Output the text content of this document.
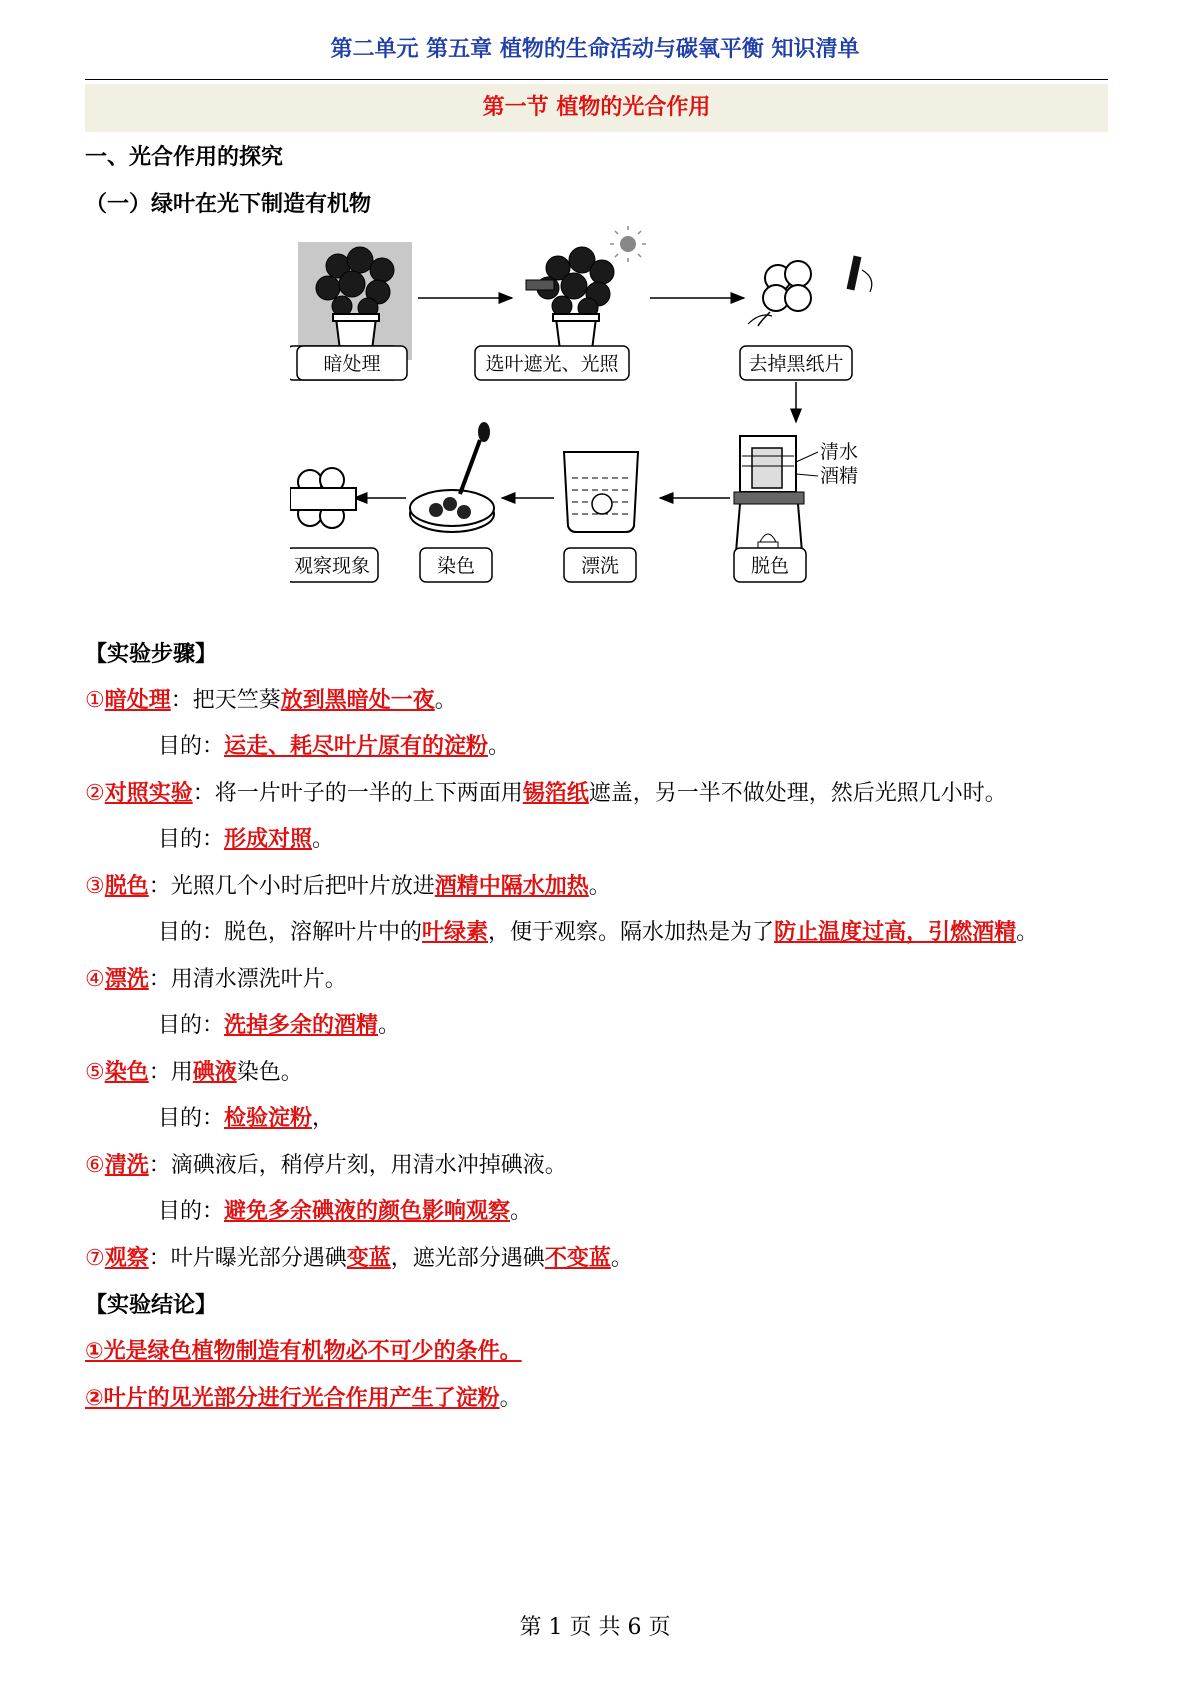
第二单元 第五章 植物的生命活动与碳氧平衡 知识清单
第一节 植物的光合作用
一、光合作用的探究
（一）绿叶在光下制造有机物
暗处理	选叶遮光、光照	去掉黑纸片
清水
酒精
观察现象	染色	漂洗	脱色
【实验步骤】
①暗处理：把天竺葵放到黑暗处一夜。
目的：运走、耗尽叶片原有的淀粉。
②对照实验：将一片叶子的一半的上下两面用锡箔纸遮盖，另一半不做处理，然后光照几小时。
目的：形成对照。
③脱色：光照几个小时后把叶片放进酒精中隔水加热。
目的：脱色，溶解叶片中的叶绿素，便于观察。隔水加热是为了防止温度过高，引燃酒精。
④漂洗：用清水漂洗叶片。
目的：洗掉多余的酒精。
⑤染色：用碘液染色。
目的：检验淀粉，
⑥清洗：滴碘液后，稍停片刻，用清水冲掉碘液。
目的：避免多余碘液的颜色影响观察。
⑦观察：叶片曝光部分遇碘变蓝，遮光部分遇碘不变蓝。
【实验结论】
①光是绿色植物制造有机物必不可少的条件。
②叶片的见光部分进行光合作用产生了淀粉。
第 1 页 共 6 页
